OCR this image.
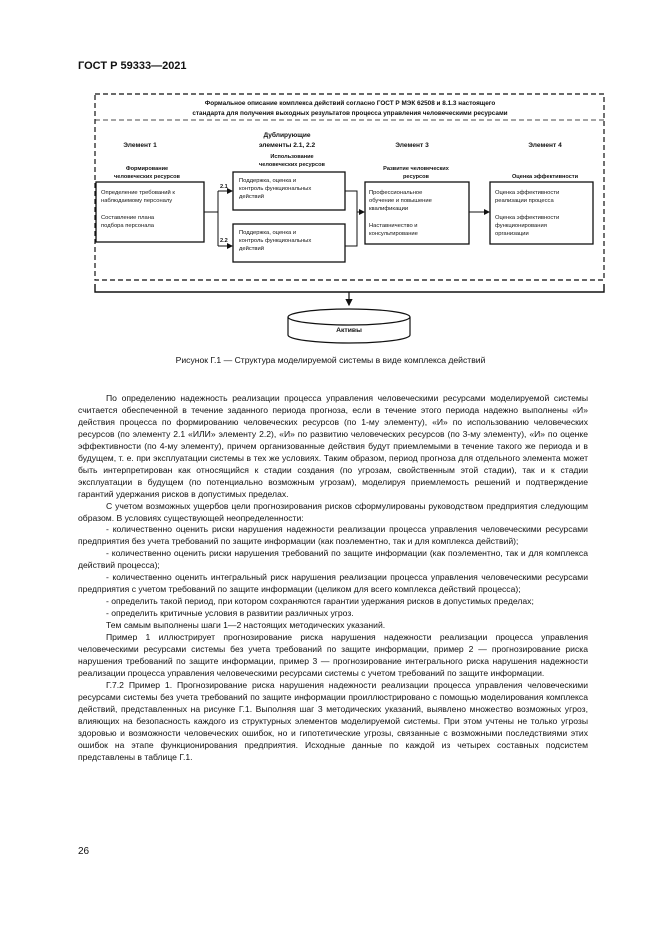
ГОСТ Р 59333—2021
Формальное описание комплекса действий согласно ГОСТ Р МЭК 62508 и 8.1.3 настоящего
стандарта для получения выходных результатов процесса управления человеческими ресурсами
Элемент 1
Дублирующие
элементы 2.1, 2.2	Элемент 3	Элемент 4
Формирование
человеческих ресурсов
Использование
человеческих ресурсов
Развитие человеческих
ресурсов	Оценка эффективности
Определение требований к
наблюдаемому персоналу
Составление плана
подбора персонала
2.1
2.2
Поддержка, оценка и
контроль функциональных
действий
Поддержка, оценка и
контроль функциональных
действий
Профессиональное
обучение и повышение
квалификации
Наставничество и
консультирование
Оценка эффективности
реализации процесса
Оценка эффективности
функционирования
организации
Активы
Рисунок Г.1 — Структура моделируемой системы в виде комплекса действий

По определению надежность реализации процесса управления человеческими ресурсами моделируемой системы считается обеспеченной в течение заданного периода прогноза, если в течение этого периода надежно выполнены «И» действия процесса по формированию человеческих ресурсов (по 1-му элементу), «И» по использованию человеческих ресурсов (по элементу 2.1 «ИЛИ» элементу 2.2), «И» по развитию человеческих ресурсов (по 3-му элементу), «И» по оценке эффективности (по 4-му элементу), причем организованные действия будут приемлемыми в течение такого же периода и в будущем, т. е. при эксплуатации системы в тех же условиях. Таким образом, период прогноза для отдельного элемента может быть интерпретирован как относящийся к стадии создания (по угрозам, свойственным этой стадии), так и к стадии эксплуатации в будущем (по потенциально возможным угрозам), моделируя приемлемость решений и подтверждение гарантий удержания рисков в допустимых пределах.

С учетом возможных ущербов цели прогнозирования рисков сформулированы руководством предприятия следующим образом. В условиях существующей неопределенности:

- количественно оценить риски нарушения надежности реализации процесса управления человеческими ресурсами предприятия без учета требований по защите информации (как поэлементно, так и для комплекса действий);

- количественно оценить риски нарушения требований по защите информации (как поэлементно, так и для комплекса действий процесса);

- количественно оценить интегральный риск нарушения реализации процесса управления человеческими ресурсами предприятия с учетом требований по защите информации (целиком для всего комплекса действий процесса);

- определить такой период, при котором сохраняются гарантии удержания рисков в допустимых пределах;

- определить критичные условия в развитии различных угроз.

Тем самым выполнены шаги 1—2 настоящих методических указаний.

Пример 1 иллюстрирует прогнозирование риска нарушения надежности реализации процесса управления человеческими ресурсами системы без учета требований по защите информации, пример 2 — прогнозирование риска нарушения требований по защите информации, пример 3 — прогнозирование интегрального риска нарушения надежности реализации процесса управления человеческими ресурсами системы с учетом требований по защите информации.

Г.7.2 Пример 1. Прогнозирование риска нарушения надежности реализации процесса управления человеческими ресурсами системы без учета требований по защите информации проиллюстрировано с помощью моделирования комплекса действий, представленных на рисунке Г.1. Выполняя шаг 3 методических указаний, выявлено множество возможных угроз, влияющих на безопасность каждого из структурных элементов моделируемой системы. При этом учтены не только угрозы здоровью и возможности человеческих ошибок, но и гипотетические угрозы, связанные с возможными последствиями этих ошибок на этапе функционирования предприятия. Исходные данные по каждой из четырех составных подсистем представлены в таблице Г.1.

26
